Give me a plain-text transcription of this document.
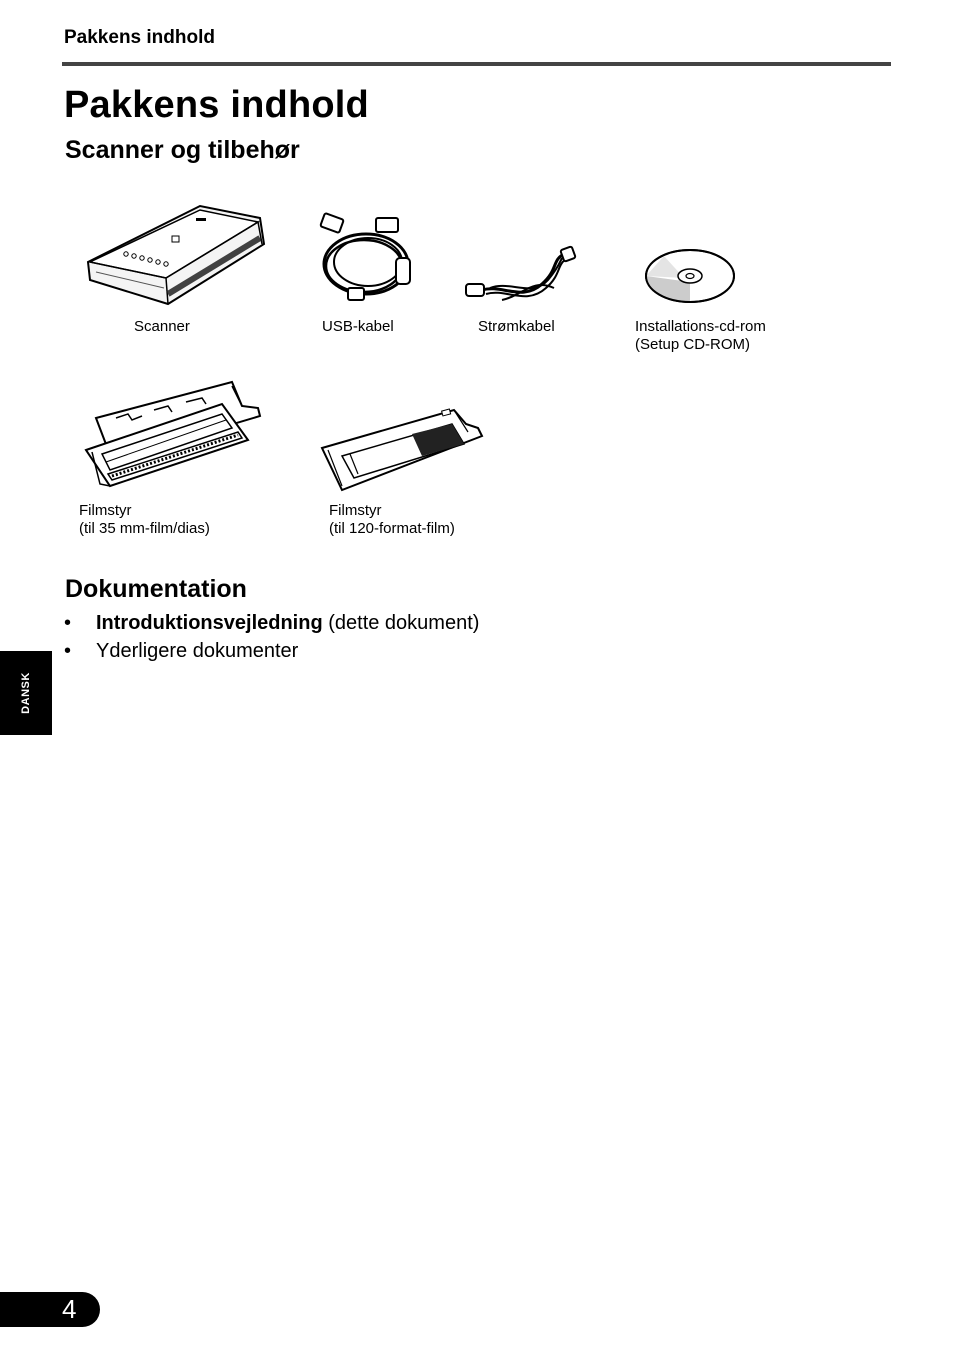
Pakkens indhold
Pakkens indhold
Scanner og tilbehør
Scanner	USB-kabel	Strømkabel	Installations-cd-rom
(Setup CD-ROM)
Filmstyr
(til 35 mm-film/dias)
Filmstyr
(til 120-format-film)
Dokumentation
• Introduktionsvejledning (dette dokument)
• Yderligere dokumenter
DANSK
4
